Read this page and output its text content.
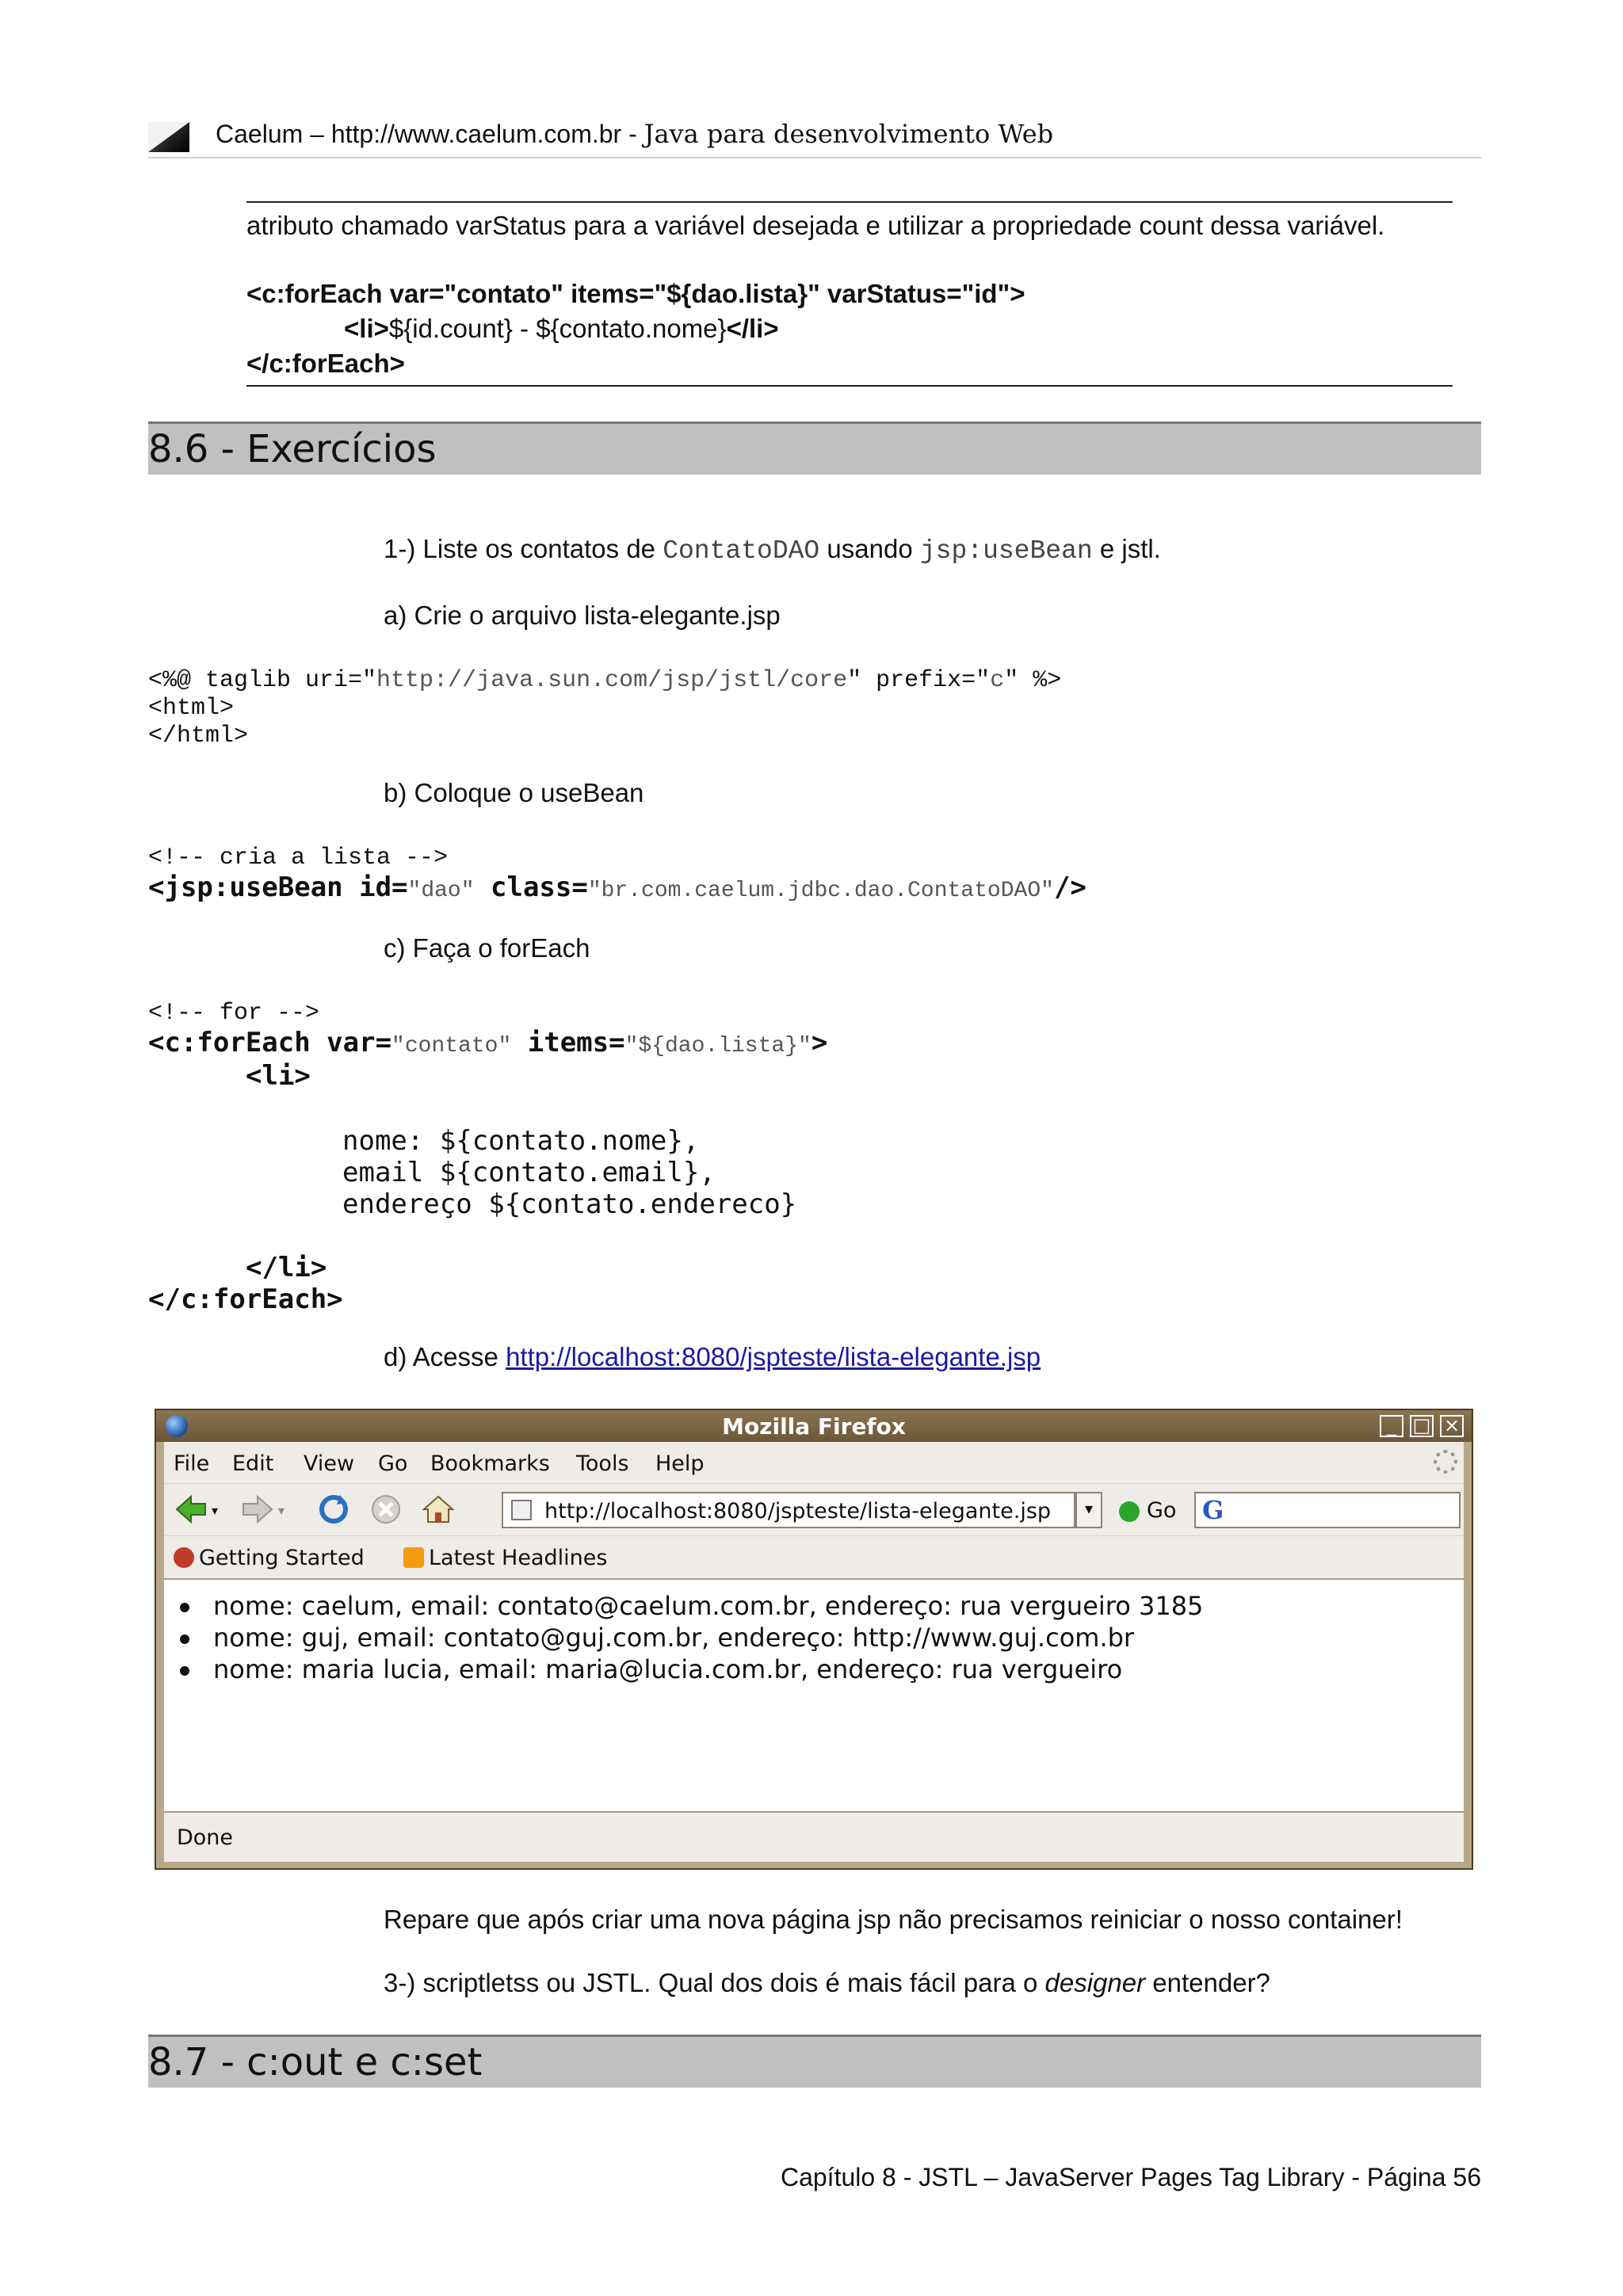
Caelum – http://www.caelum.com.br - Java para desenvolvimento Web
atributo chamado varStatus para a variável desejada e utilizar a propriedade count dessa variável.
<c:forEach var="contato" items="${dao.lista}" varStatus="id">
<li>${id.count} - ${contato.nome}</li>
</c:forEach>
8.6 - Exercícios
1-) Liste os contatos de ContatoDAO usando jsp:useBean e jstl.
a) Crie o arquivo lista-elegante.jsp
<%@ taglib uri="http://java.sun.com/jsp/jstl/core" prefix="c" %>
<html>
</html>
b) Coloque o useBean
<!-- cria a lista -->
<jsp:useBean id="dao" class="br.com.caelum.jdbc.dao.ContatoDAO"/>
c) Faça o forEach
<!-- for -->
<c:forEach var="contato" items="${dao.lista}">
<li>
nome: ${contato.nome},
email ${contato.email},
endereço ${contato.endereco}
</li>
</c:forEach>
d) Acesse http://localhost:8080/jspteste/lista-elegante.jsp
Mozilla Firefox	_ □ ×
File Edit View Go Bookmarks Tools Help
▾	▾	http://localhost:8080/jspteste/lista-elegante.jsp	▾	Go G
Getting Started	Latest Headlines
nome: caelum, email: contato@caelum.com.br, endereço: rua vergueiro 3185
nome: guj, email: contato@guj.com.br, endereço: http://www.guj.com.br
nome: maria lucia, email: maria@lucia.com.br, endereço: rua vergueiro
Done
Repare que após criar uma nova página jsp não precisamos reiniciar o nosso container!
3-) scriptletss ou JSTL. Qual dos dois é mais fácil para o designer entender?
8.7 - c:out e c:set
Capítulo 8 - JSTL – JavaServer Pages Tag Library - Página 56
